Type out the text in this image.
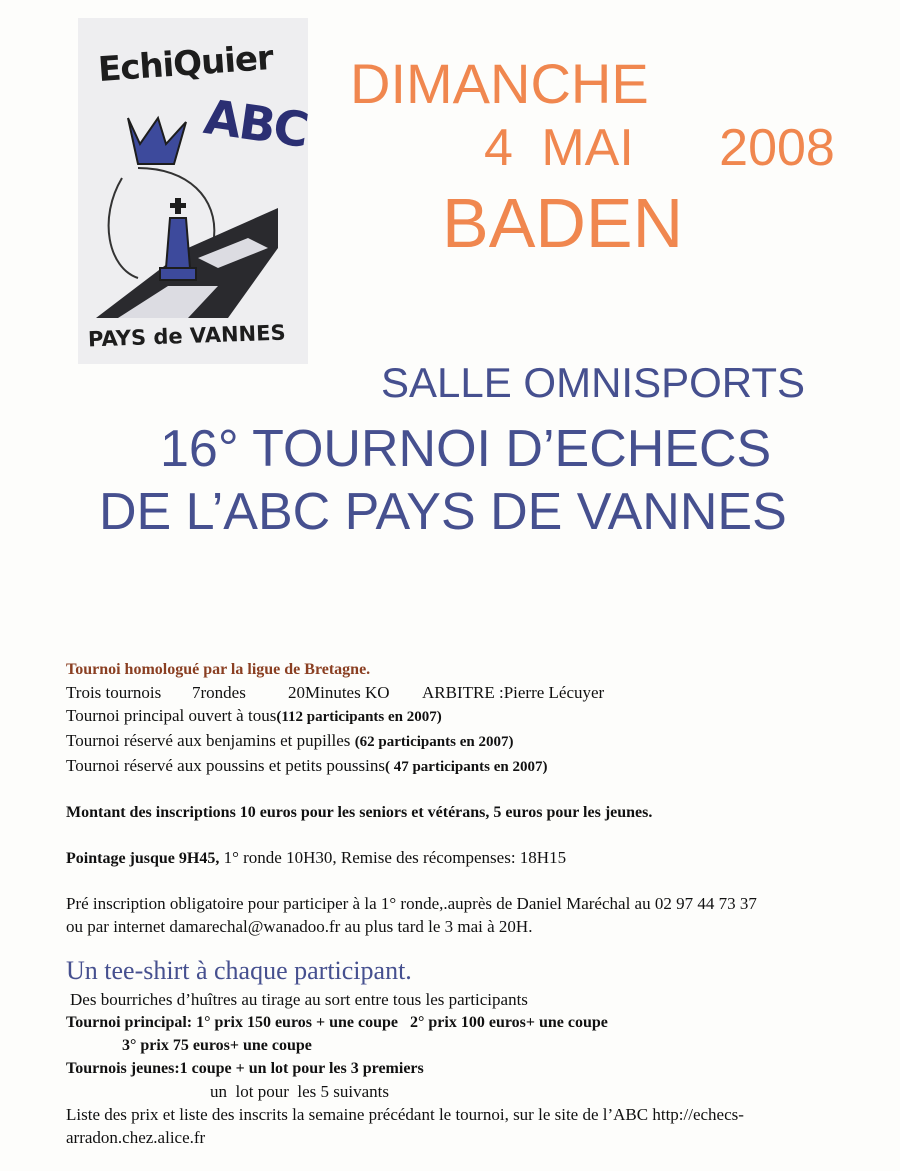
EchiQuier
ABC
PAYS de VANNES
DIMANCHE
4 MAI   2008
BADEN
SALLE OMNISPORTS
16° TOURNOI D’ECHECS
DE L’ABC PAYS DE VANNES
Tournoi homologué par la ligue de Bretagne.
Trois tournois 7rondes 20Minutes KO ARBITRE :Pierre Lécuyer
Tournoi principal ouvert à tous(112 participants en 2007)
Tournoi réservé aux benjamins et pupilles (62 participants en 2007)
Tournoi réservé aux poussins et petits poussins( 47 participants en 2007)
Montant des inscriptions 10 euros pour les seniors et vétérans, 5 euros pour les jeunes.
Pointage jusque 9H45, 1° ronde 10H30, Remise des récompenses: 18H15
Pré inscription obligatoire pour participer à la 1° ronde,.auprès de Daniel Maréchal au 02 97 44 73 37
ou par internet damarechal@wanadoo.fr au plus tard le 3 mai à 20H.
Un tee-shirt à chaque participant.
Des bourriches d’huîtres au tirage au sort entre tous les participants
Tournoi principal: 1° prix 150 euros + une coupe   2° prix 100 euros+ une coupe
3° prix 75 euros+ une coupe
Tournois jeunes:1 coupe + un lot pour les 3 premiers
un  lot pour  les 5 suivants
Liste des prix et liste des inscrits la semaine précédant le tournoi, sur le site de l’ABC http://echecs-
arradon.chez.alice.fr
